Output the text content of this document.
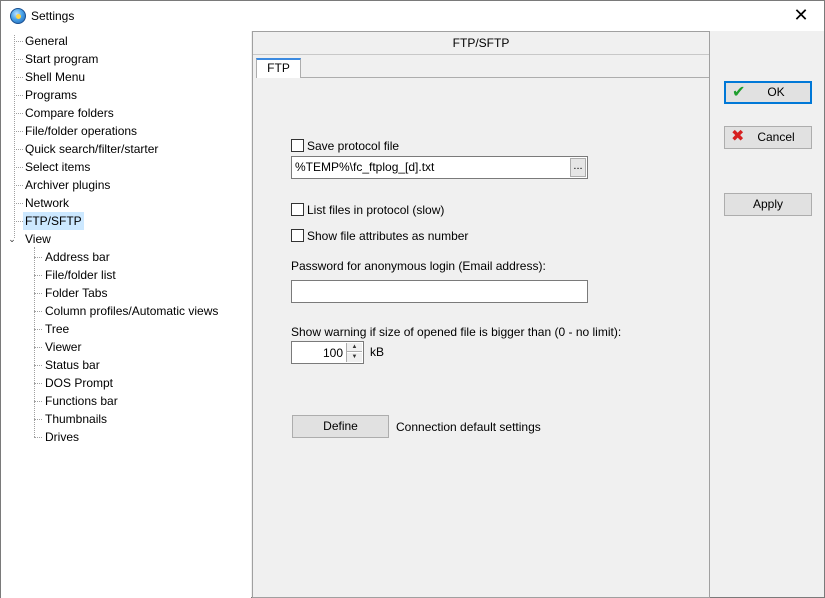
Settings	✕
General
Start program
Shell Menu
Programs
Compare folders
File/folder operations
Quick search/filter/starter
Select items
Archiver plugins
Network
FTP/SFTP
⌄ View
Address bar
File/folder list
Folder Tabs
Column profiles/Automatic views
Tree
Viewer
Status bar
DOS Prompt
Functions bar
Thumbnails
Drives
FTP/SFTP
FTP
Save protocol file
%TEMP%\fc_ftplog_[d].txt	...
List files in protocol (slow)
Show file attributes as number
Password for anonymous login (Email address):
Show warning if size of opened file is bigger than (0 - no limit):
100	▲
▼	kB
Define	Connection default settings
✔ OK
✖ Cancel
Apply
